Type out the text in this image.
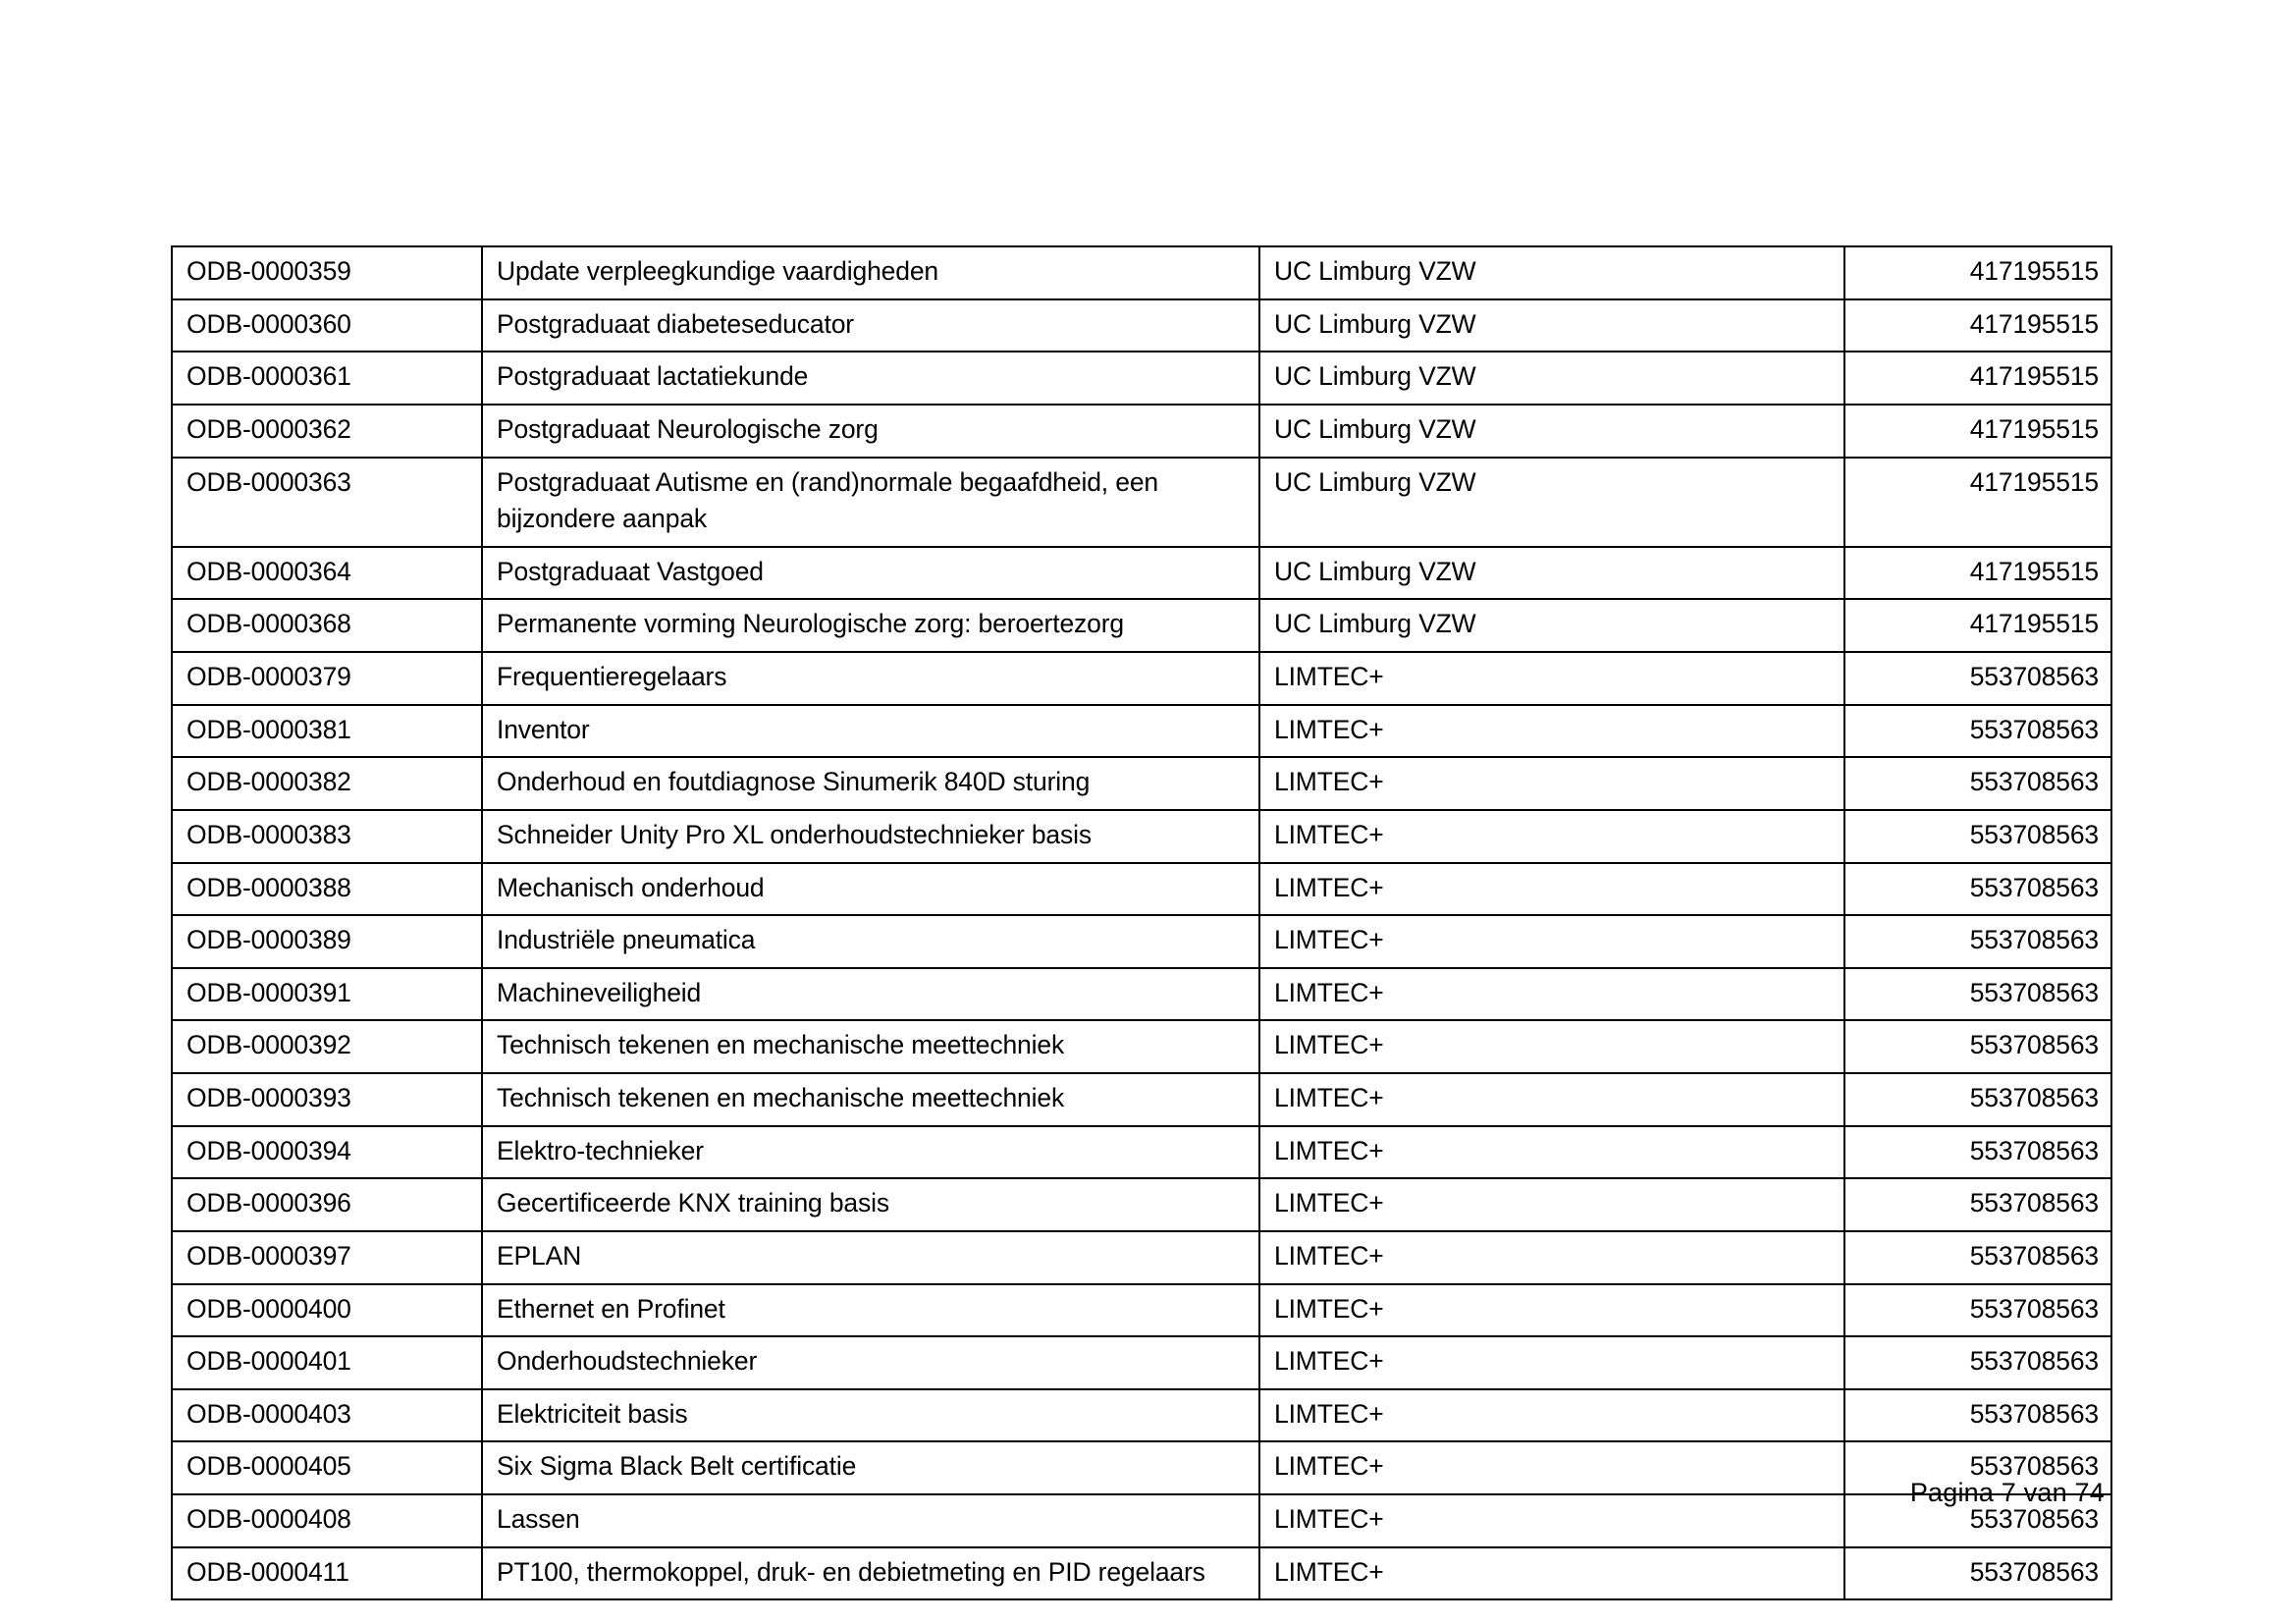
ODB-0000359	Update verpleegkundige vaardigheden	UC Limburg VZW	417195515
ODB-0000360	Postgraduaat diabeteseducator	UC Limburg VZW	417195515
ODB-0000361	Postgraduaat lactatiekunde	UC Limburg VZW	417195515
ODB-0000362	Postgraduaat Neurologische zorg	UC Limburg VZW	417195515
ODB-0000363	Postgraduaat Autisme en (rand)normale begaafdheid, een bijzondere aanpak	UC Limburg VZW	417195515
ODB-0000364	Postgraduaat Vastgoed	UC Limburg VZW	417195515
ODB-0000368	Permanente vorming Neurologische zorg: beroertezorg	UC Limburg VZW	417195515
ODB-0000379	Frequentieregelaars	LIMTEC+	553708563
ODB-0000381	Inventor	LIMTEC+	553708563
ODB-0000382	Onderhoud en foutdiagnose Sinumerik 840D sturing	LIMTEC+	553708563
ODB-0000383	Schneider Unity Pro XL onderhoudstechnieker basis	LIMTEC+	553708563
ODB-0000388	Mechanisch onderhoud	LIMTEC+	553708563
ODB-0000389	Industriële pneumatica	LIMTEC+	553708563
ODB-0000391	Machineveiligheid	LIMTEC+	553708563
ODB-0000392	Technisch tekenen en mechanische meettechniek	LIMTEC+	553708563
ODB-0000393	Technisch tekenen en mechanische meettechniek	LIMTEC+	553708563
ODB-0000394	Elektro-technieker	LIMTEC+	553708563
ODB-0000396	Gecertificeerde KNX training basis	LIMTEC+	553708563
ODB-0000397	EPLAN	LIMTEC+	553708563
ODB-0000400	Ethernet en Profinet	LIMTEC+	553708563
ODB-0000401	Onderhoudstechnieker	LIMTEC+	553708563
ODB-0000403	Elektriciteit basis	LIMTEC+	553708563
ODB-0000405	Six Sigma Black Belt certificatie	LIMTEC+	553708563
ODB-0000408	Lassen	LIMTEC+	553708563
ODB-0000411	PT100, thermokoppel, druk- en debietmeting en PID regelaars	LIMTEC+	553708563
Pagina 7 van 74
